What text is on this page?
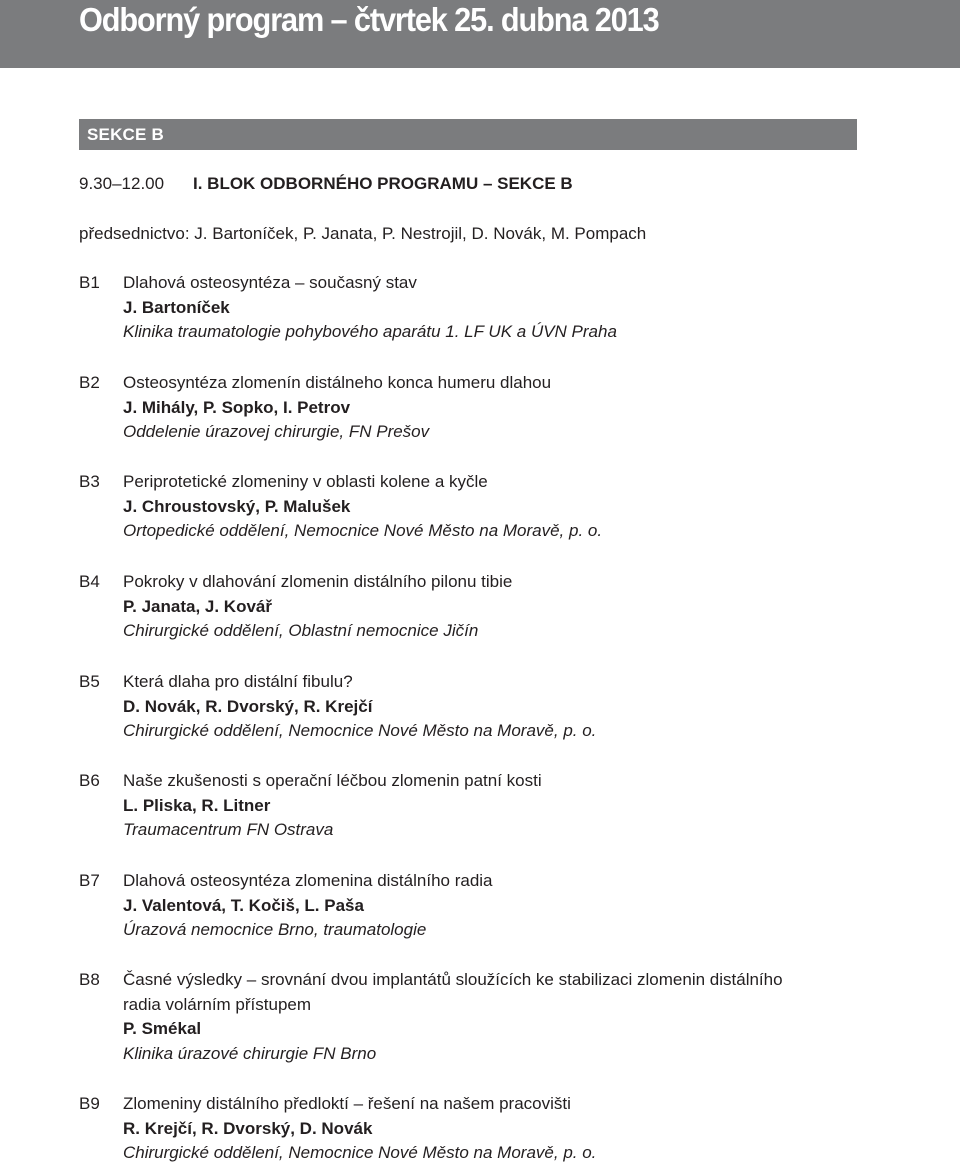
Odborný program – čtvrtek 25. dubna 2013
SEKCE B
9.30–12.00 I. BLOK ODBORNÉHO PROGRAMU – SEKCE B
předsednictvo: J. Bartoníček, P. Janata, P. Nestrojil, D. Novák, M. Pompach
B1 Dlahová osteosyntéza – současný stav
J. Bartoníček
Klinika traumatologie pohybového aparátu 1. LF UK a ÚVN Praha
B2 Osteosyntéza zlomenín distálneho konca humeru dlahou
J. Mihály, P. Sopko, I. Petrov
Oddelenie úrazovej chirurgie, FN Prešov
B3 Periprotetické zlomeniny v oblasti kolene a kyčle
J. Chroustovský, P. Malušek
Ortopedické oddělení, Nemocnice Nové Město na Moravě, p. o.
B4 Pokroky v dlahování zlomenin distálního pilonu tibie
P. Janata, J. Kovář
Chirurgické oddělení, Oblastní nemocnice Jičín
B5 Která dlaha pro distální fibulu?
D. Novák, R. Dvorský, R. Krejčí
Chirurgické oddělení, Nemocnice Nové Město na Moravě, p. o.
B6 Naše zkušenosti s operační léčbou zlomenin patní kosti
L. Pliska, R. Litner
Traumacentrum FN Ostrava
B7 Dlahová osteosyntéza zlomenina distálního radia
J. Valentová, T. Kočiš, L. Paša
Úrazová nemocnice Brno, traumatologie
B8 Časné výsledky – srovnání dvou implantátů sloužících ke stabilizaci zlomenin distálního radia volárním přístupem
P. Smékal
Klinika úrazové chirurgie FN Brno
B9 Zlomeniny distálního předloktí – řešení na našem pracovišti
R. Krejčí, R. Dvorský, D. Novák
Chirurgické oddělení, Nemocnice Nové Město na Moravě, p. o.
